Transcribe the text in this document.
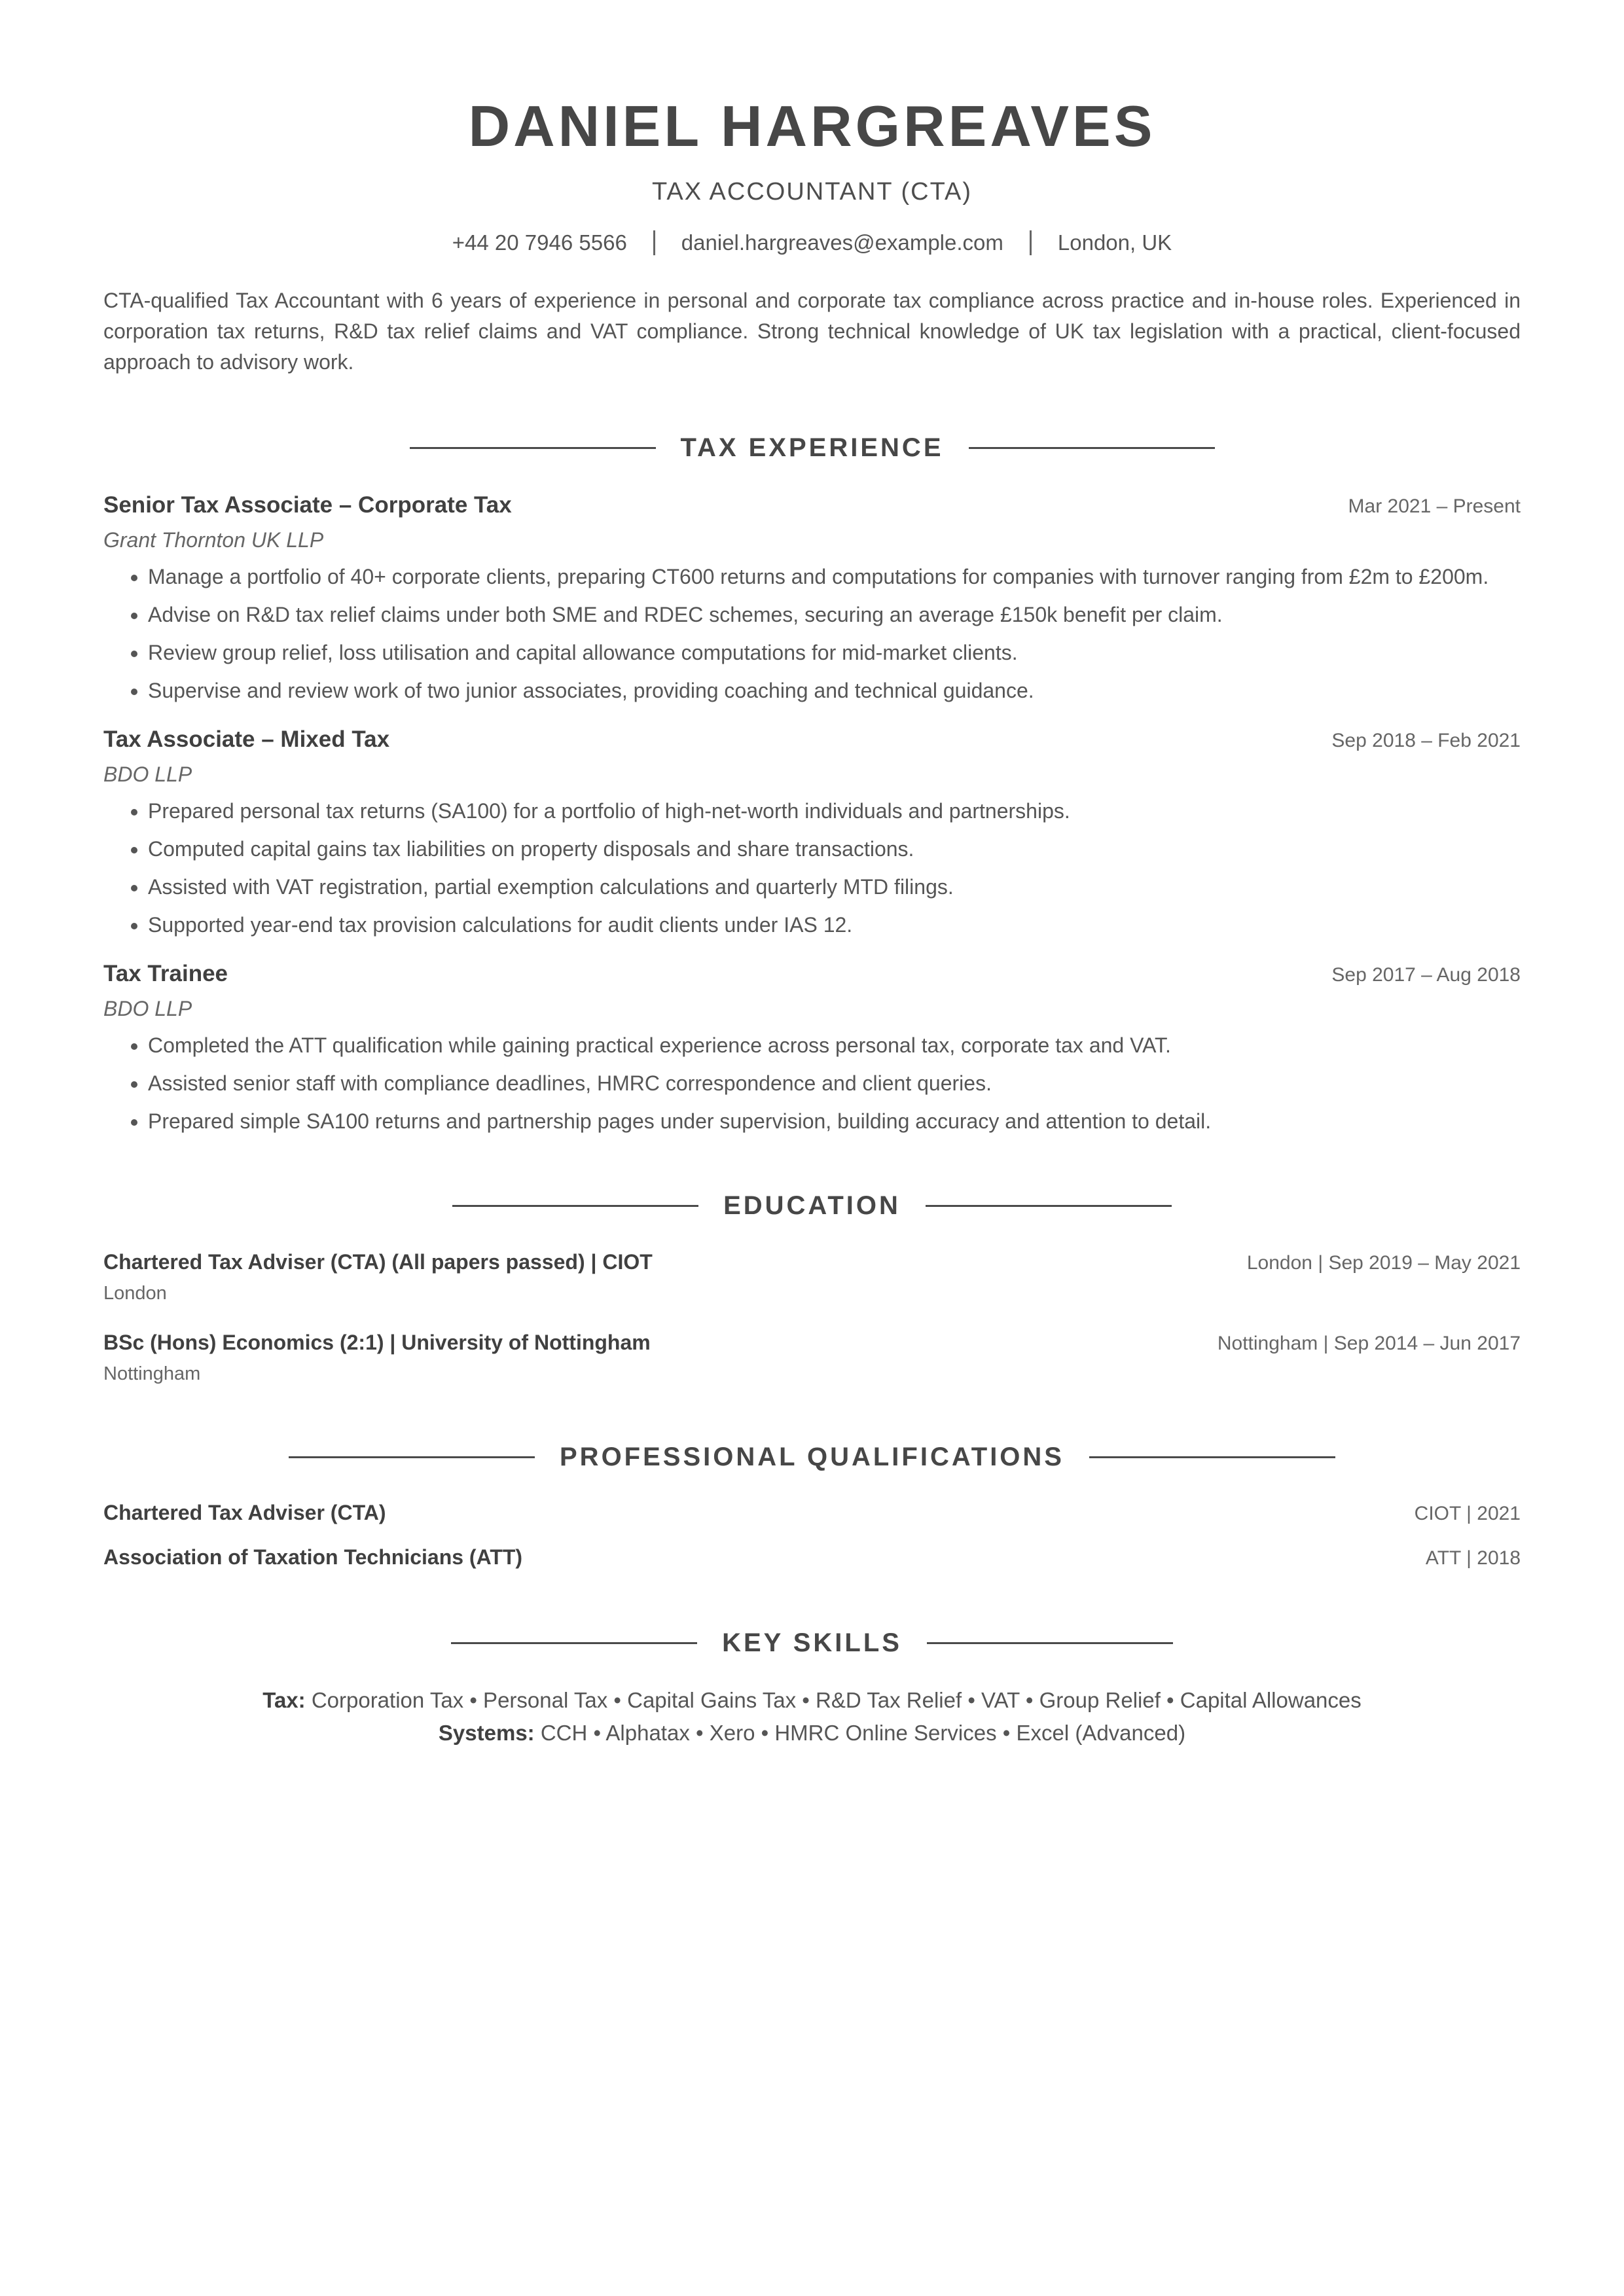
DANIEL HARGREAVES
TAX ACCOUNTANT (CTA)
+44 20 7946 5566	daniel.hargreaves@example.com	London, UK

CTA-qualified Tax Accountant with 6 years of experience in personal and corporate tax compliance across practice and in-house roles. Experienced in corporation tax returns, R&D tax relief claims and VAT compliance. Strong technical knowledge of UK tax legislation with a practical, client-focused approach to advisory work.

TAX EXPERIENCE
Senior Tax Associate – Corporate Tax	Mar 2021 – Present
Grant Thornton UK LLP
• Manage a portfolio of 40+ corporate clients, preparing CT600 returns and computations for companies with turnover ranging from £2m to £200m.
• Advise on R&D tax relief claims under both SME and RDEC schemes, securing an average £150k benefit per claim.
• Review group relief, loss utilisation and capital allowance computations for mid-market clients.
• Supervise and review work of two junior associates, providing coaching and technical guidance.
Tax Associate – Mixed Tax	Sep 2018 – Feb 2021
BDO LLP
• Prepared personal tax returns (SA100) for a portfolio of high-net-worth individuals and partnerships.
• Computed capital gains tax liabilities on property disposals and share transactions.
• Assisted with VAT registration, partial exemption calculations and quarterly MTD filings.
• Supported year-end tax provision calculations for audit clients under IAS 12.
Tax Trainee	Sep 2017 – Aug 2018
BDO LLP
• Completed the ATT qualification while gaining practical experience across personal tax, corporate tax and VAT.
• Assisted senior staff with compliance deadlines, HMRC correspondence and client queries.
• Prepared simple SA100 returns and partnership pages under supervision, building accuracy and attention to detail.
EDUCATION
Chartered Tax Adviser (CTA) (All papers passed) | CIOT	London | Sep 2019 – May 2021
London
BSc (Hons) Economics (2:1) | University of Nottingham	Nottingham | Sep 2014 – Jun 2017
Nottingham
PROFESSIONAL QUALIFICATIONS
Chartered Tax Adviser (CTA)	CIOT | 2021
Association of Taxation Technicians (ATT)	ATT | 2018
KEY SKILLS
Tax: Corporation Tax • Personal Tax • Capital Gains Tax • R&D Tax Relief • VAT • Group Relief • Capital Allowances
Systems: CCH • Alphatax • Xero • HMRC Online Services • Excel (Advanced)
